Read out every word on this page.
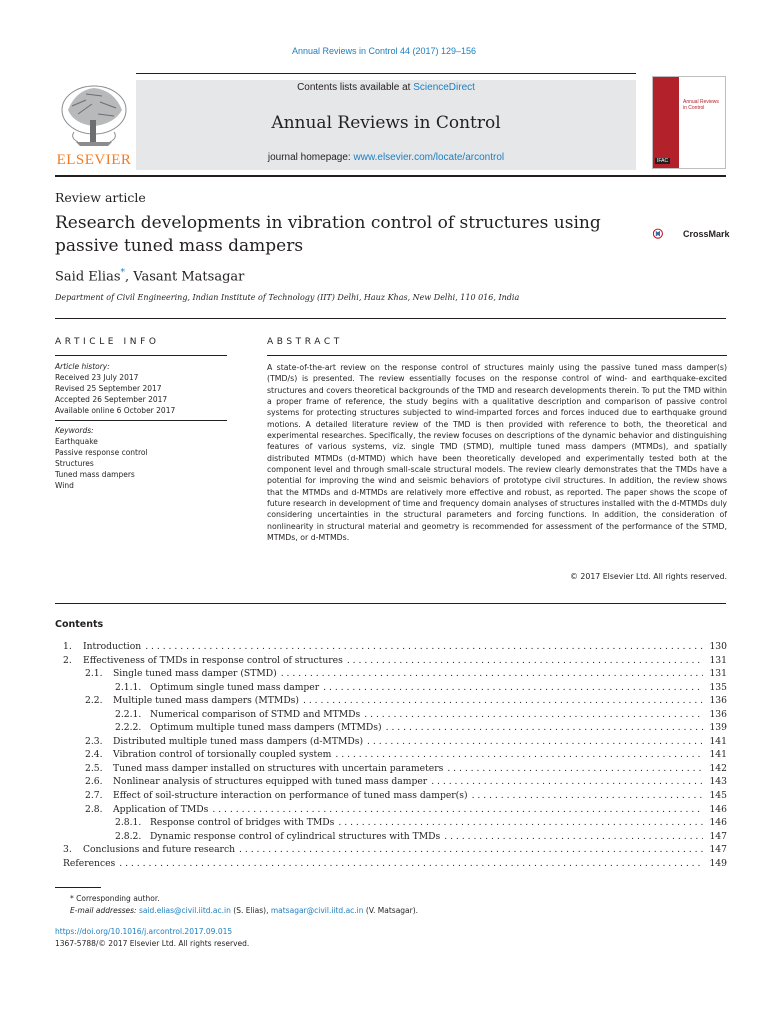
Annual Reviews in Control 44 (2017) 129–156
Contents lists available at ScienceDirect
Annual Reviews in Control
journal homepage: www.elsevier.com/locate/arcontrol
ELSEVIER
Annual Reviews in Control
IFAC
Review article
Research developments in vibration control of structures using passive tuned mass dampers
CrossMark
Said Elias*, Vasant Matsagar
Department of Civil Engineering, Indian Institute of Technology (IIT) Delhi, Hauz Khas, New Delhi, 110 016, India
ARTICLE INFO	ABSTRACT
Article history:
Received 23 July 2017
Revised 25 September 2017
Accepted 26 September 2017
Available online 6 October 2017
Keywords:
Earthquake
Passive response control
Structures
Tuned mass dampers
Wind
A state-of-the-art review on the response control of structures mainly using the passive tuned mass damper(s) (TMD/s) is presented. The review essentially focuses on the response control of wind- and earthquake-excited structures and covers theoretical backgrounds of the TMD and research developments therein. To put the TMD within a proper frame of reference, the study begins with a qualitative description and comparison of passive control systems for protecting structures subjected to wind-imparted forces and forces induced due to earthquake ground motions. A detailed literature review of the TMD is then provided with reference to both, the theoretical and experimental researches. Specifically, the review focuses on descriptions of the dynamic behavior and distinguishing features of various systems, viz. single TMD (STMD), multiple tuned mass dampers (MTMDs), and spatially distributed MTMDs (d-MTMD) which have been theoretically developed and experimentally tested both at the component level and through small-scale structural models. The review clearly demonstrates that the TMDs have a potential for improving the wind and seismic behaviors of prototype civil structures. In addition, the review shows that the MTMDs and d-MTMDs are relatively more effective and robust, as reported. The paper shows the scope of future research in development of time and frequency domain analyses of structures installed with the d-MTMDs duly considering uncertainties in the structural parameters and forcing functions. In addition, the consideration of nonlinearity in structural material and geometry is recommended for assessment of the performance of the STMD, MTMDs, or d-MTMDs.
© 2017 Elsevier Ltd. All rights reserved.
Contents
1.	Introduction . . .	130
2.	Effectiveness of TMDs in response control of structures . . .	131
2.1.	Single tuned mass damper (STMD) . . .	131
2.1.1. Optimum single tuned mass damper . . .	135
2.2.	Multiple tuned mass dampers (MTMDs) . . .	136
2.2.1. Numerical comparison of STMD and MTMDs . . .	136
2.2.2. Optimum multiple tuned mass dampers (MTMDs) . . .	139
2.3.	Distributed multiple tuned mass dampers (d-MTMDs) . . .	141
2.4.	Vibration control of torsionally coupled system . . .	141
2.5.	Tuned mass damper installed on structures with uncertain parameters . . .	142
2.6.	Nonlinear analysis of structures equipped with tuned mass damper . . .	143
2.7.	Effect of soil-structure interaction on performance of tuned mass damper(s) . . .	145
2.8.	Application of TMDs . . .	146
2.8.1. Response control of bridges with TMDs . . .	146
2.8.2. Dynamic response control of cylindrical structures with TMDs . . .	147
3.	Conclusions and future research . . .	147
References . . .	149
* Corresponding author.
E-mail addresses: said.elias@civil.iitd.ac.in (S. Elias), matsagar@civil.iitd.ac.in (V. Matsagar).
https://doi.org/10.1016/j.arcontrol.2017.09.015
1367-5788/© 2017 Elsevier Ltd. All rights reserved.
